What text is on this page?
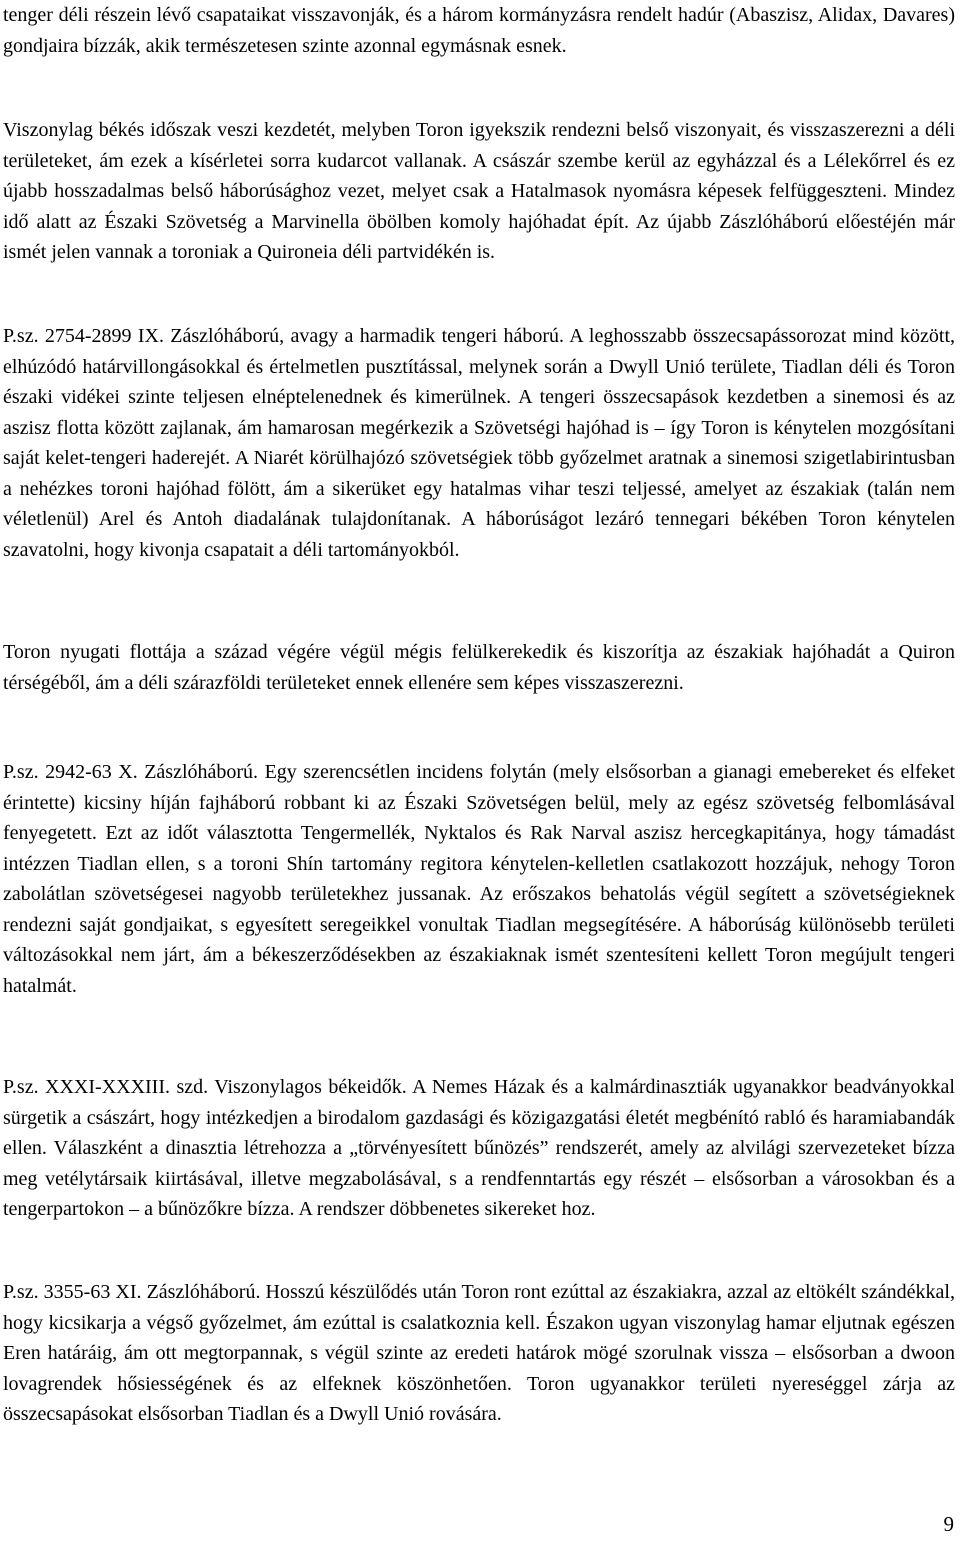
tenger déli részein lévő csapataikat visszavonják, és a három kormányzásra rendelt hadúr (Abaszisz, Alidax, Davares) gondjaira bízzák, akik természetesen szinte azonnal egymásnak esnek.

Viszonylag békés időszak veszi kezdetét, melyben Toron igyekszik rendezni belső viszonyait, és visszaszerezni a déli területeket, ám ezek a kísérletei sorra kudarcot vallanak. A császár szembe kerül az egyházzal és a Lélekőrrel és ez újabb hosszadalmas belső háborúsághoz vezet, melyet csak a Hatalmasok nyomásra képesek felfüggeszteni. Mindez idő alatt az Északi Szövetség a Marvinella öbölben komoly hajóhadat épít. Az újabb Zászlóháború előestéjén már ismét jelen vannak a toroniak a Quironeia déli partvidékén is.

P.sz. 2754-2899 IX. Zászlóháború, avagy a harmadik tengeri háború. A leghosszabb összecsapássorozat mind között, elhúzódó határvillongásokkal és értelmetlen pusztítással, melynek során a Dwyll Unió területe, Tiadlan déli és Toron északi vidékei szinte teljesen elnéptelenednek és kimerülnek. A tengeri összecsapások kezdetben a sinemosi és az aszisz flotta között zajlanak, ám hamarosan megérkezik a Szövetségi hajóhad is – így Toron is kénytelen mozgósítani saját kelet-tengeri haderejét. A Niarét körülhajózó szövetségiek több győzelmet aratnak a sinemosi szigetlabirintusban a nehézkes toroni hajóhad fölött, ám a sikerüket egy hatalmas vihar teszi teljessé, amelyet az északiak (talán nem véletlenül) Arel és Antoh diadalának tulajdonítanak. A háborúságot lezáró tennegari békében Toron kénytelen szavatolni, hogy kivonja csapatait a déli tartományokból.

Toron nyugati flottája a század végére végül mégis felülkerekedik és kiszorítja az északiak hajóhadát a Quiron térségéből, ám a déli szárazföldi területeket ennek ellenére sem képes visszaszerezni.

P.sz. 2942-63 X. Zászlóháború. Egy szerencsétlen incidens folytán (mely elsősorban a gianagi emebereket és elfeket érintette) kicsiny híján fajháború robbant ki az Északi Szövetségen belül, mely az egész szövetség felbomlásával fenyegetett. Ezt az időt választotta Tengermellék, Nyktalos és Rak Narval aszisz hercegkapitánya, hogy támadást intézzen Tiadlan ellen, s a toroni Shín tartomány regitora kénytelen-kelletlen csatlakozott hozzájuk, nehogy Toron zabolátlan szövetségesei nagyobb területekhez jussanak. Az erőszakos behatolás végül segített a szövetségieknek rendezni saját gondjaikat, s egyesített seregeikkel vonultak Tiadlan megsegítésére. A háborúság különösebb területi változásokkal nem járt, ám a békeszerződésekben az északiaknak ismét szentesíteni kellett Toron megújult tengeri hatalmát.

P.sz. XXXI-XXXIII. szd. Viszonylagos békeidők. A Nemes Házak és a kalmárdinasztiák ugyanakkor beadványokkal sürgetik a császárt, hogy intézkedjen a birodalom gazdasági és közigazgatási életét megbénító rabló és haramiabandák ellen. Válaszként a dinasztia létrehozza a „törvényesített bűnözés” rendszerét, amely az alvilági szervezeteket bízza meg vetélytársaik kiirtásával, illetve megzabolásával, s a rendfenntartás egy részét – elsősorban a városokban és a tengerpartokon – a bűnözőkre bízza. A rendszer döbbenetes sikereket hoz.

P.sz. 3355-63 XI. Zászlóháború. Hosszú készülődés után Toron ront ezúttal az északiakra, azzal az eltökélt szándékkal, hogy kicsikarja a végső győzelmet, ám ezúttal is csalatkoznia kell. Északon ugyan viszonylag hamar eljutnak egészen Eren határáig, ám ott megtorpannak, s végül szinte az eredeti határok mögé szorulnak vissza – elsősorban a dwoon lovagrendek hősiességének és az elfeknek köszönhetően. Toron ugyanakkor területi nyereséggel zárja az összecsapásokat elsősorban Tiadlan és a Dwyll Unió rovására.

9
